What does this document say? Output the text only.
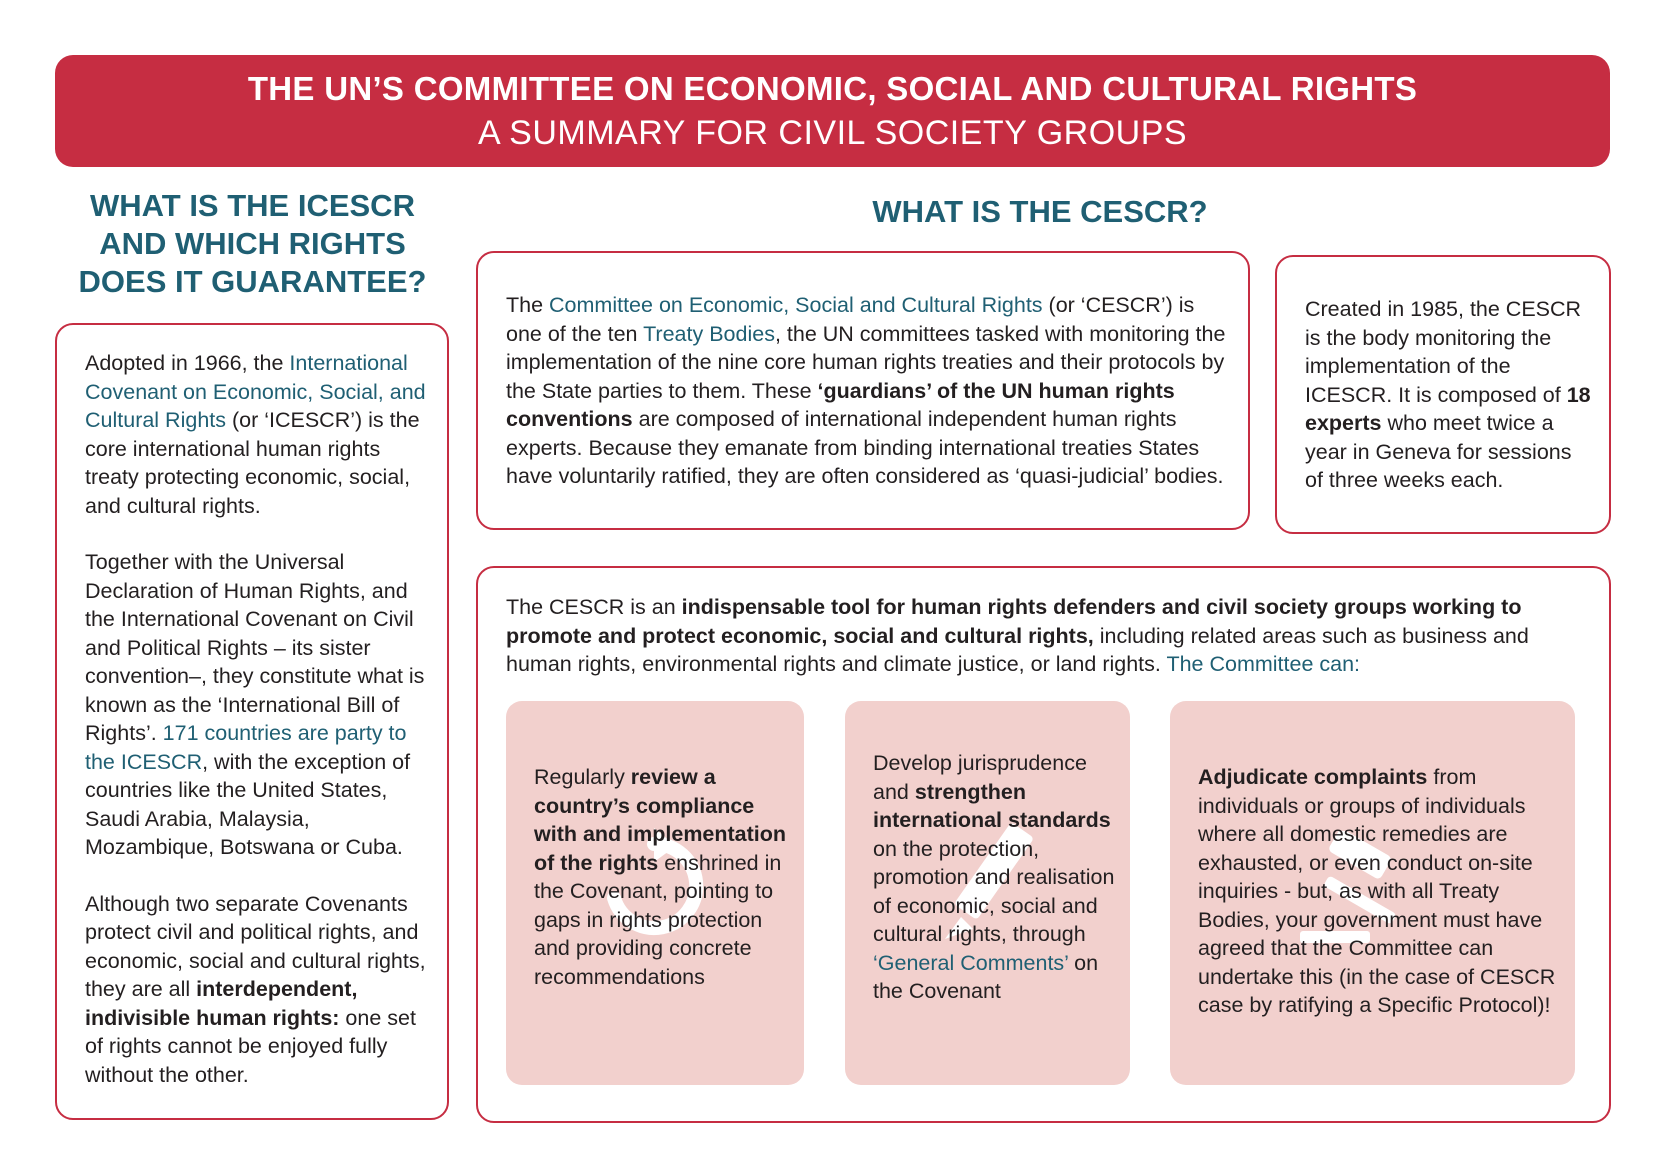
THE UN’S COMMITTEE ON ECONOMIC, SOCIAL AND CULTURAL RIGHTS
A SUMMARY FOR CIVIL SOCIETY GROUPS
WHAT IS THE ICESCR
AND WHICH RIGHTS
DOES IT GUARANTEE?
WHAT IS THE CESCR?

Adopted in 1966, the International Covenant on Economic, Social, and Cultural Rights (or ‘ICESCR’) is the core international human rights treaty protecting economic, social, and cultural rights.

Together with the Universal Declaration of Human Rights, and the International Covenant on Civil and Political Rights – its sister convention–, they constitute what is known as the ‘International Bill of Rights’. 171 countries are party to the ICESCR, with the exception of countries like the United States, Saudi Arabia, Malaysia, Mozambique, Botswana or Cuba.

Although two separate Covenants protect civil and political rights, and economic, social and cultural rights, they are all interdependent, indivisible human rights: one set of rights cannot be enjoyed fully without the other.

The Committee on Economic, Social and Cultural Rights (or ‘CESCR’) is one of the ten Treaty Bodies, the UN committees tasked with monitoring the implementation of the nine core human rights treaties and their protocols by the State parties to them. These ‘guardians’ of the UN human rights conventions are composed of international independent human rights experts. Because they emanate from binding international treaties States have voluntarily ratified, they are often considered as ‘quasi-judicial’ bodies.
Created in 1985, the CESCR is the body monitoring the implementation of the ICESCR. It is composed of 18 experts who meet twice a year in Geneva for sessions of three weeks each.
The CESCR is an indispensable tool for human rights defenders and civil society groups working to promote and protect economic, social and cultural rights, including related areas such as business and human rights, environmental rights and climate justice, or land rights. The Committee can:
Regularly review a country’s compliance with and implementation of the rights enshrined in the Covenant, pointing to gaps in rights protection and providing concrete recommendations
Develop jurisprudence and strengthen international standards on the protection, promotion and realisation of economic, social and cultural rights, through ‘General Comments’ on the Covenant
Adjudicate complaints from individuals or groups of individuals where all domestic remedies are exhausted, or even conduct on-site inquiries - but, as with all Treaty Bodies, your government must have agreed that the Committee can undertake this (in the case of CESCR case by ratifying a Specific Protocol)!
